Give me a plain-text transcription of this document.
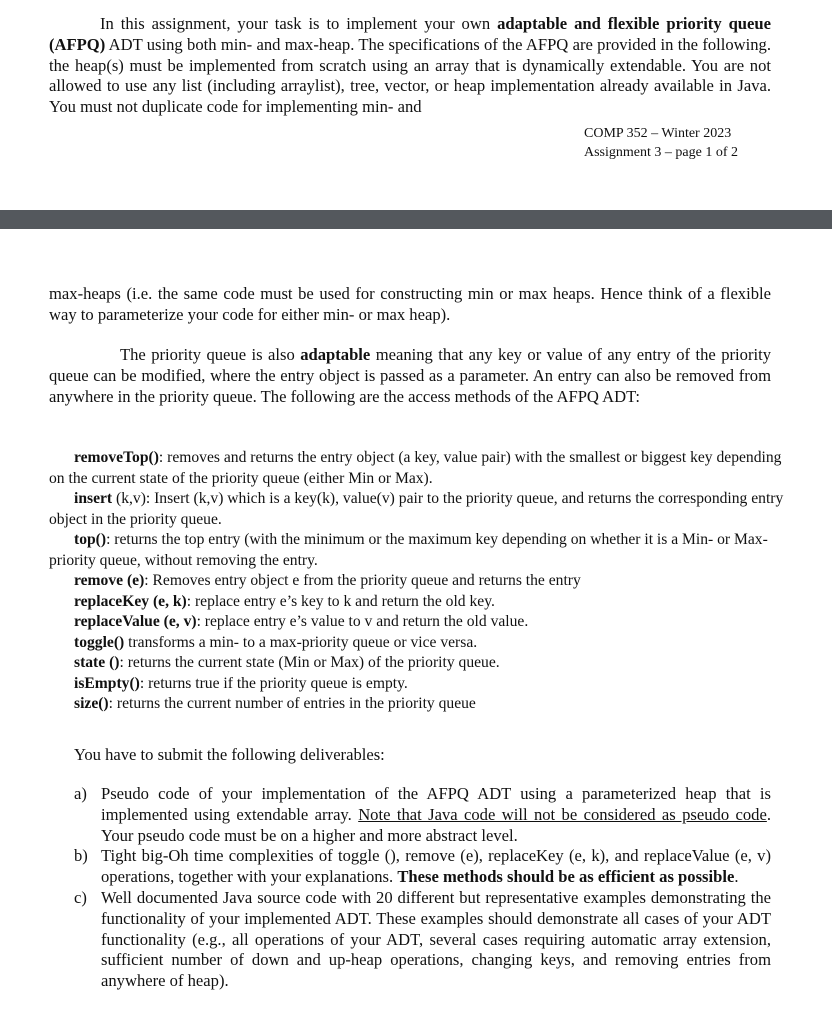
In this assignment, your task is to implement your own adaptable and flexible priority queue (AFPQ) ADT using both min- and max-heap. The specifications of the AFPQ are provided in the following. the heap(s) must be implemented from scratch using an array that is dynamically extendable. You are not allowed to use any list (including arraylist), tree, vector, or heap implementation already available in Java. You must not duplicate code for implementing min- and

COMP 352 – Winter 2023
Assignment 3 – page 1 of 2

max-heaps (i.e. the same code must be used for constructing min or max heaps. Hence think of a flexible way to parameterize your code for either min- or max heap).

The priority queue is also adaptable meaning that any key or value of any entry of the priority queue can be modified, where the entry object is passed as a parameter. An entry can also be removed from anywhere in the priority queue. The following are the access methods of the AFPQ ADT:

removeTop(): removes and returns the entry object (a key, value pair) with the smallest or biggest key depending on the current state of the priority queue (either Min or Max).
insert (k,v): Insert (k,v) which is a key(k), value(v) pair to the priority queue, and returns the corresponding entry object in the priority queue.
top(): returns the top entry (with the minimum or the maximum key depending on whether it is a Min- or Max-priority queue, without removing the entry.
remove (e): Removes entry object e from the priority queue and returns the entry
replaceKey (e, k): replace entry e’s key to k and return the old key.
replaceValue (e, v): replace entry e’s value to v and return the old value.
toggle() transforms a min- to a max-priority queue or vice versa.
state (): returns the current state (Min or Max) of the priority queue.
isEmpty(): returns true if the priority queue is empty.
size(): returns the current number of entries in the priority queue

You have to submit the following deliverables:

a) Pseudo code of your implementation of the AFPQ ADT using a parameterized heap that is implemented using extendable array. Note that Java code will not be considered as pseudo code. Your pseudo code must be on a higher and more abstract level.
b) Tight big-Oh time complexities of toggle (), remove (e), replaceKey (e, k), and replaceValue (e, v) operations, together with your explanations. These methods should be as efficient as possible.
c) Well documented Java source code with 20 different but representative examples demonstrating the functionality of your implemented ADT. These examples should demonstrate all cases of your ADT functionality (e.g., all operations of your ADT, several cases requiring automatic array extension, sufficient number of down and up-heap operations, changing keys, and removing entries from anywhere of heap).
